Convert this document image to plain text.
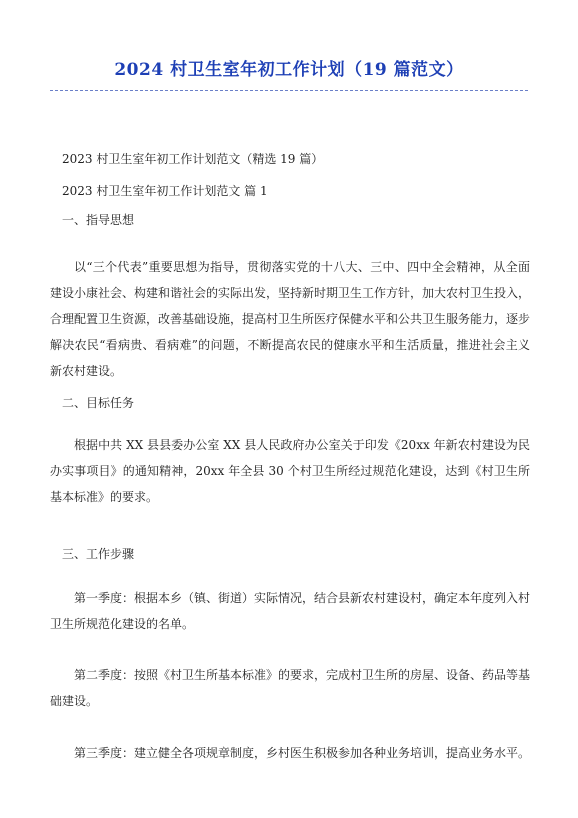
2024 村卫生室年初工作计划（19 篇范文）
2023 村卫生室年初工作计划范文（精选 19 篇）
2023 村卫生室年初工作计划范文 篇 1
一、指导思想
以“三个代表”重要思想为指导，贯彻落实党的十八大、三中、四中全会精神，从全面建设小康社会、构建和谐社会的实际出发，坚持新时期卫生工作方针，加大农村卫生投入，合理配置卫生资源，改善基础设施，提高村卫生所医疗保健水平和公共卫生服务能力，逐步解决农民“看病贵、看病难”的问题，不断提高农民的健康水平和生活质量，推进社会主义新农村建设。
二、目标任务
根据中共 XX 县县委办公室 XX 县人民政府办公室关于印发《20xx 年新农村建设为民办实事项目》的通知精神，20xx 年全县 30 个村卫生所经过规范化建设，达到《村卫生所基本标准》的要求。
三、工作步骤
第一季度：根据本乡（镇、街道）实际情况，结合县新农村建设村，确定本年度列入村卫生所规范化建设的名单。
第二季度：按照《村卫生所基本标准》的要求，完成村卫生所的房屋、设备、药品等基础建设。
第三季度：建立健全各项规章制度，乡村医生积极参加各种业务培训，提高业务水平。
